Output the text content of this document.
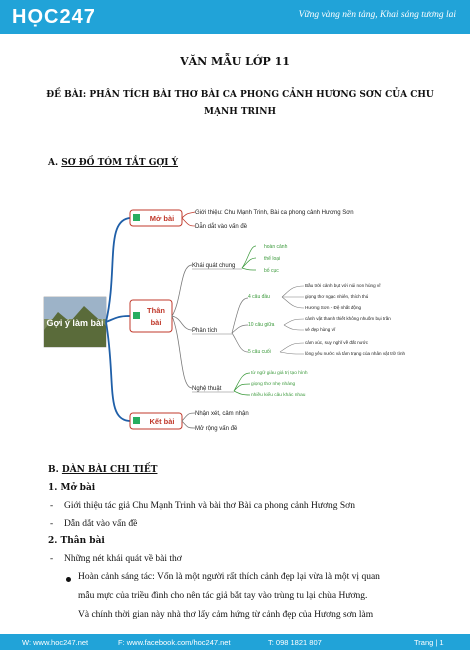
HỌC247	Vững vàng nền tảng, Khai sáng tương lai
VĂN MẪU LỚP 11
ĐỀ BÀI: PHÂN TÍCH BÀI THƠ BÀI CA PHONG CẢNH HƯƠNG SƠN CỦA CHU
MẠNH TRINH
A. SƠ ĐỒ TÓM TẮT GỢI Ý
Gợi ý làm bài
Mở bài
Giới thiệu: Chu Mạnh Trinh, Bài ca phong cảnh Hương Sơn
Dẫn dắt vào vấn đề
Thân
bài
Khái quát chung
hoàn cảnh
thể loại
bố cục
Phân tích
4 câu đầu
Bầu trời cảnh bụt với núi non hùng vĩ
giọng thơ ngạc nhiên, thích thú
Hương Sơn - Đệ nhất động
10 câu giữa
cảnh vật thanh thiết không nhuốm bụi trần
vẻ đẹp hùng vĩ
5 câu cuối
cảm xúc, suy nghĩ về đất nước
lòng yêu nước và tâm trạng của nhân vật trữ tình
Nghệ thuật
từ ngữ giàu giá trị tạo hình
giọng thơ nhẹ nhàng
nhiều kiểu câu khác nhau
Kết bài
Nhận xét, cảm nhận
Mở rộng vấn đề
B. DÀN BÀI CHI TIẾT
1. Mở bài
- Giới thiệu tác giả Chu Mạnh Trinh và bài thơ Bài ca phong cảnh Hương Sơn
- Dẫn dắt vào vấn đề
2. Thân bài
- Những nét khái quát về bài thơ
Hoàn cảnh sáng tác: Vốn là một người rất thích cảnh đẹp lại vừa là một vị quan
mẫu mực của triều đình cho nên tác giả bắt tay vào trùng tu lại chùa Hương.
Và chính thời gian này nhà thơ lấy cảm hứng từ cảnh đẹp của Hương sơn làm
W: www.hoc247.net	F: www.facebook.com/hoc247.net	T: 098 1821 807	Trang | 1
